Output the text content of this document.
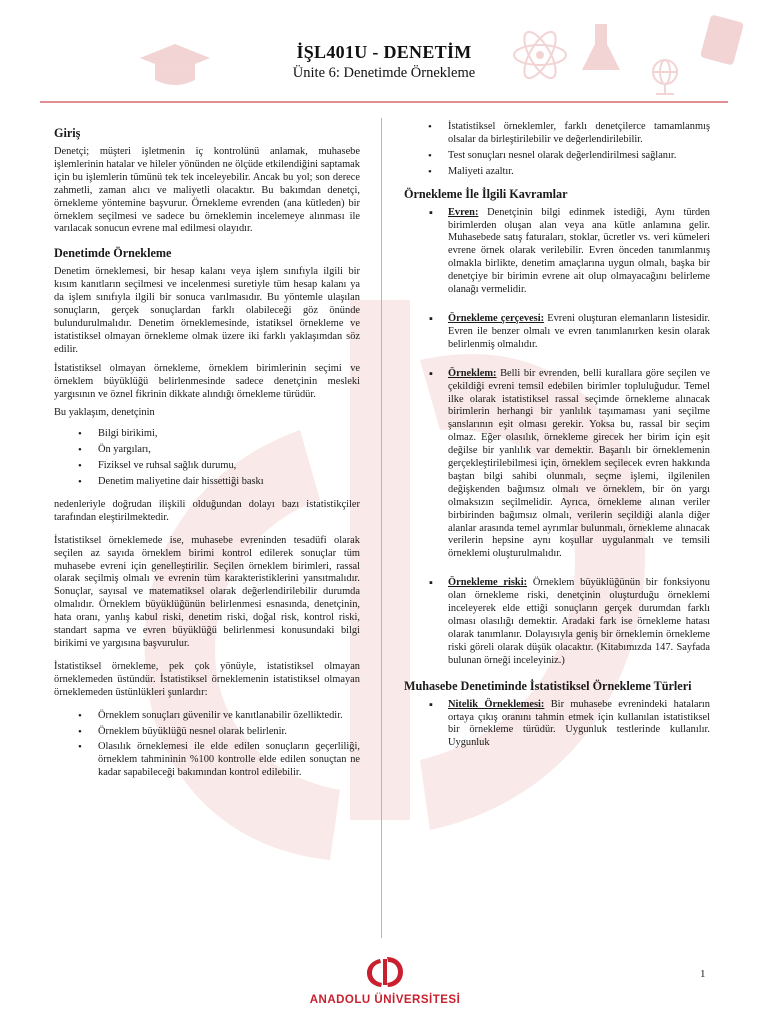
İŞL401U - DENETİM
Ünite 6: Denetimde Örnekleme
Giriş

Denetçi; müşteri işletmenin iç kontrolünü anlamak, muhasebe işlemlerinin hatalar ve hileler yönünden ne ölçüde etkilendiğini saptamak için bu işlemlerin tümünü tek tek inceleyebilir. Ancak bu yol; son derece zahmetli, zaman alıcı ve maliyetli olacaktır. Bu bakımdan denetçi, örnekleme yöntemine başvurur. Örnekleme evrenden (ana kütleden) bir örneklem seçilmesi ve sadece bu örneklemin incelemeye alınması ile varılacak sonucun evrene mal edilmesi olayıdır.

Denetimde Örnekleme

Denetim örneklemesi, bir hesap kalanı veya işlem sınıfıyla ilgili bir kısım kanıtların seçilmesi ve incelenmesi suretiyle tüm hesap kalanı ya da işlem sınıfıyla ilgili bir sonuca varılmasıdır. Bu yöntemle ulaşılan sonuçların, gerçek sonuçlardan farklı olabileceği göz önünde bulundurulmalıdır. Denetim örneklemesinde, istatiksel örnekleme ve istatistiksel olmayan örnekleme olmak üzere iki farklı yaklaşımdan söz edilir.

İstatistiksel olmayan örnekleme, örneklem birimlerinin seçimi ve örneklem büyüklüğü belirlenmesinde sadece denetçinin mesleki yargısının ve öznel fikrinin dikkate alındığı örnekleme türüdür.

Bu yaklaşım, denetçinin

• Bilgi birikimi,
• Ön yargıları,
• Fiziksel ve ruhsal sağlık durumu,
• Denetim maliyetine dair hissettiği baskı

nedenleriyle doğrudan ilişkili olduğundan dolayı bazı istatistikçiler tarafından eleştirilmektedir.

İstatistiksel örneklemede ise, muhasebe evreninden tesadüfi olarak seçilen az sayıda örneklem birimi kontrol edilerek sonuçlar tüm muhasebe evreni için genelleştirilir. Seçilen örneklem birimleri, rassal olarak seçilmiş olmalı ve evrenin tüm karakteristiklerini yansıtmalıdır. Sonuçlar, sayısal ve matematiksel olarak değerlendirilebilir durumda olmalıdır. Örneklem büyüklüğünün belirlenmesi esnasında, denetçinin, hata oranı, yanlış kabul riski, denetim riski, doğal risk, kontrol riski, standart sapma ve evren büyüklüğü belirlenmesi konusundaki bilgi birikimi ve yargısına başvurulur.

İstatistiksel örnekleme, pek çok yönüyle, istatistiksel olmayan örneklemeden üstündür. İstatistiksel örneklemenin istatistiksel olmayan örneklemeden üstünlükleri şunlardır:

• Örneklem sonuçları güvenilir ve kanıtlanabilir özelliktedir.
• Örneklem büyüklüğü nesnel olarak belirlenir.
• Olasılık örneklemesi ile elde edilen sonuçların geçerliliği, örneklem tahmininin %100 kontrolle elde edilen sonuçtan ne kadar sapabileceği bakımından kontrol edilebilir.
• İstatistiksel örneklemler, farklı denetçilerce tamamlanmış olsalar da birleştirilebilir ve değerlendirilebilir.
• Test sonuçları nesnel olarak değerlendirilmesi sağlanır.
• Maliyeti azaltır.
Örnekleme İle İlgili Kavramlar
▪ Evren: Denetçinin bilgi edinmek istediği, Aynı türden birimlerden oluşan alan veya ana kütle anlamına gelir. Muhasebede satış faturaları, stoklar, ücretler vs. veri kümeleri evrene örnek olarak verilebilir. Evren önceden tanımlanmış olmakla birlikte, denetim amaçlarına uygun olmalı, başka bir denetçiye bir birimin evrene ait olup olmayacağını belirleme olanağı vermelidir.
▪ Örnekleme çerçevesi: Evreni oluşturan elemanların listesidir. Evren ile benzer olmalı ve evren tanımlanırken kesin olarak belirlenmiş olmalıdır.
▪ Örneklem: Belli bir evrenden, belli kurallara göre seçilen ve çekildiği evreni temsil edebilen birimler topluluğudur. Temel ilke olarak istatistiksel rassal seçimde örnekleme alınacak birimlerin herhangi bir yanlılık taşımaması yani seçilme şanslarının eşit olması gerekir. Yoksa bu, rassal bir seçim olmaz. Eğer olasılık, örnekleme girecek her birim için eşit değilse bir yanlılık var demektir. Başarılı bir örneklemenin gerçekleştirilebilmesi için, örneklem seçilecek evren hakkında baştan bilgi sahibi olunmalı, seçme işlemi, ilgilenilen değişkenden bağımsız olmalı ve örneklem, bir ön yargı olmaksızın seçilmelidir. Ayrıca, örnekleme alınan veriler birbirinden bağımsız olmalı, verilerin seçildiği alanla diğer alanlar arasında temel ayrımlar bulunmalı, örnekleme alınacak verilerin hepsine aynı koşullar uygulanmalı ve temsili örneklemi oluşturulmalıdır.
▪ Örnekleme riski: Örneklem büyüklüğünün bir fonksiyonu olan örnekleme riski, denetçinin oluşturduğu örneklemi inceleyerek elde ettiği sonuçların gerçek durumdan farklı olması olasılığı demektir. Aradaki fark ise örnekleme hatası olarak tanımlanır. Dolayısıyla geniş bir örneklemin örnekleme riski göreli olarak düşük olacaktır. (Kitabımızda 147. Sayfada bulunan örneği inceleyiniz.)
Muhasebe Denetiminde İstatistiksel Örnekleme Türleri
▪ Nitelik Örneklemesi: Bir muhasebe evrenindeki hataların ortaya çıkış oranını tahmin etmek için kullanılan istatistiksel bir örnekleme türüdür. Uygunluk testlerinde kullanılır. Uygunluk
ANADOLU ÜNİVERSİTESİ
1
